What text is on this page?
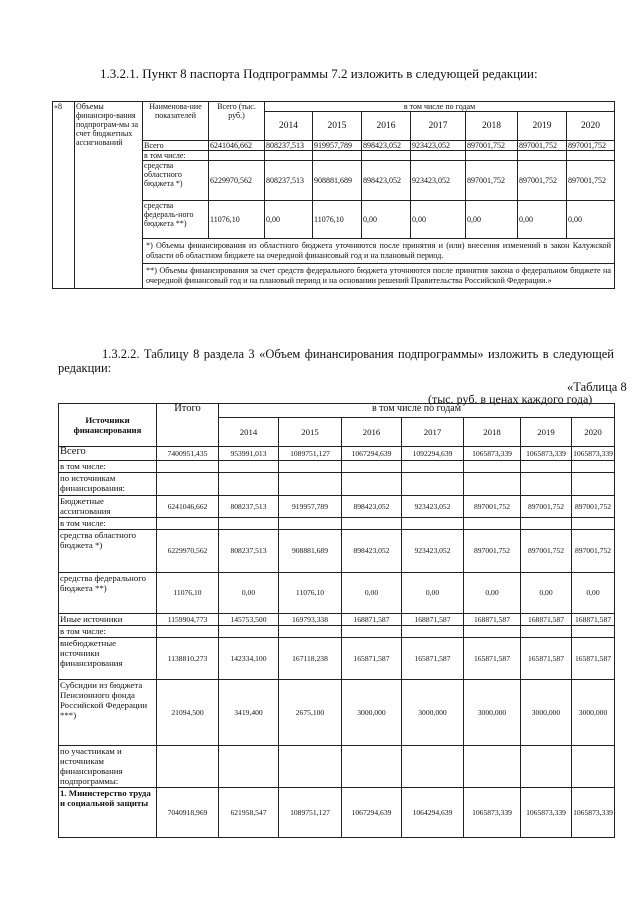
1.3.2.1. Пункт 8 паспорта Подпрограммы 7.2 изложить в следующей редакции:
«8	Объемы финансиро-вания подпрограм-мы за счет бюджетных ассигнований	Наименова-ние показателей	Всего (тыс. руб.)	в том числе по годам						
				2014	2015	2016	2017	2018	2019	2020
		Всего	6241046,662	808237,513	919957,789	898423,052	923423,052	897001,752	897001,752	897001,752
		в том числе:								
		средства областного бюджета *)	6229970,562	808237,513	908881,689	898423,052	923423,052	897001,752	897001,752	897001,752
		средства федераль-ного бюджета **)	11076,10	0,00	11076,10	0,00	0,00	0,00	0,00	0,00
		*) Объемы финансирования из областного бюджета уточняются после принятия и (или) внесения изменений в закон Калужской области об областном бюджете на очередной финансовый год и на плановый период.								
		**) Объемы финансирования за счет средств федерального бюджета уточняются после принятия закона о федеральном бюджете на очередной финансовый год и на плановый период и на основании решений Правительства Российской Федерации.»								
1.3.2.2. Таблицу 8 раздела 3 «Объем финансирования подпрограммы» изложить в следующей редакции:
«Таблица 8
(тыс. руб. в ценах каждого года)
Источники финансирования	Итого	в том числе по годам						
		2014	2015	2016	2017	2018	2019	2020
Всего	7400951,435	953991,013	1089751,127	1067294,639	1092294,639	1065873,339	1065873,339	1065873,339
в том числе:								
по источникам финансирования:								
Бюджетные ассигнования	6241046,662	808237,513	919957,789	898423,052	923423,052	897001,752	897001,752	897001,752
в том числе:								
средства областного бюджета *)	6229970,562	808237,513	908881,689	898423,052	923423,052	897001,752	897001,752	897001,752
средства федерального бюджета **)	11076,10	0,00	11076,10	0,00	0,00	0,00	0,00	0,00
Иные источники	1159904,773	145753,500	169793,338	168871,587	168871,587	168871,587	168871,587	168871,587
в том числе:								
внебюджетные источники финансирования	1138810,273	142334,100	167118,238	165871,587	165871,587	165871,587	165871,587	165871,587
Субсидии из бюджета Пенсионного фонда Российской Федерации ***)	21094,500	3419,400	2675,100	3000,000	3000,000	3000,000	3000,000	3000,000
по участникам и источникам финансирования подпрограммы:								
1. Министерство труда и социальной защиты	7040918,969	621958,547	1089751,127	1067294,639	1064294,639	1065873,339	1065873,339	1065873,339
